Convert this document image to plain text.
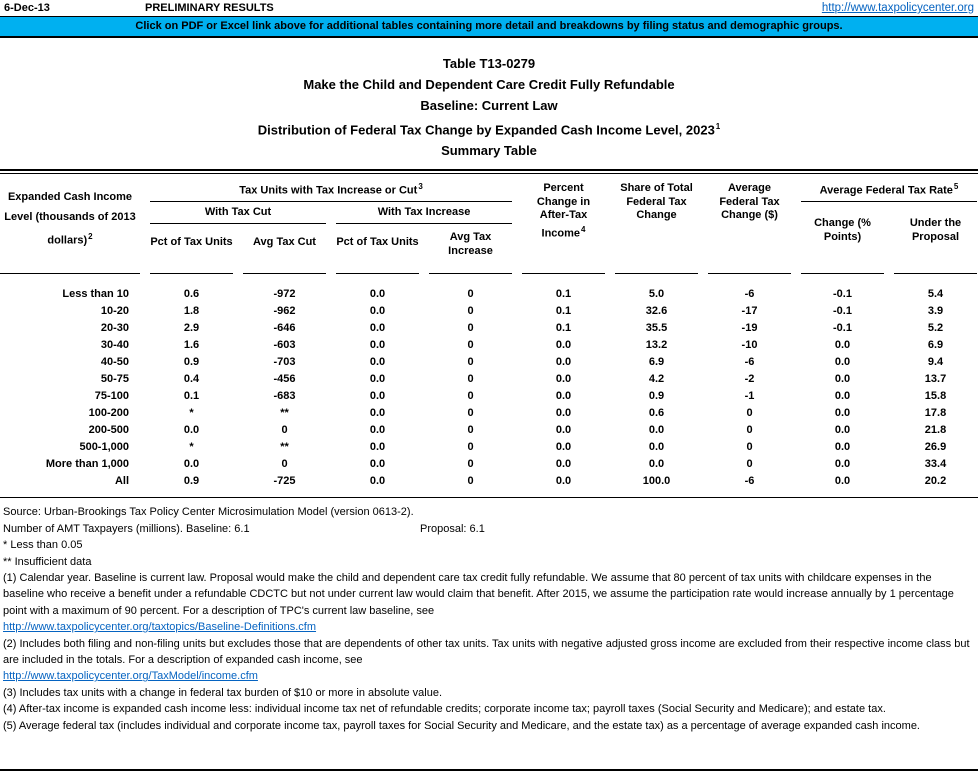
6-Dec-13	PRELIMINARY RESULTS	http://www.taxpolicycenter.org
Click on PDF or Excel link above for additional tables containing more detail and breakdowns by filing status and demographic groups.
Table T13-0279
Make the Child and Dependent Care Credit Fully Refundable
Baseline: Current Law
Distribution of Federal Tax Change by Expanded Cash Income Level, 2023$^1$
Summary Table
Expanded Cash Income Level (thousands of 2013 dollars)$^2$
Tax Units with Tax Increase or Cut$^3$
With Tax Cut
Pct of Tax Units	Avg Tax Cut
With Tax Increase
Pct of Tax Units	Avg Tax Increase
Percent Change in After-Tax Income$^4$
Share of Total Federal Tax Change
Average Federal Tax Change ($)
Average Federal Tax Rate$^5$
Change (% Points)
Under the Proposal
Less than 10	0.6	-972	0.0	0	0.1	5.0	-6	-0.1	5.4
10-20	1.8	-962	0.0	0	0.1	32.6	-17	-0.1	3.9
20-30	2.9	-646	0.0	0	0.1	35.5	-19	-0.1	5.2
30-40	1.6	-603	0.0	0	0.0	13.2	-10	0.0	6.9
40-50	0.9	-703	0.0	0	0.0	6.9	-6	0.0	9.4
50-75	0.4	-456	0.0	0	0.0	4.2	-2	0.0	13.7
75-100	0.1	-683	0.0	0	0.0	0.9	-1	0.0	15.8
100-200	*	**	0.0	0	0.0	0.6	0	0.0	17.8
200-500	0.0	0	0.0	0	0.0	0.0	0	0.0	21.8
500-1,000	*	**	0.0	0	0.0	0.0	0	0.0	26.9
More than 1,000	0.0	0	0.0	0	0.0	0.0	0	0.0	33.4
All	0.9	-725	0.0	0	0.0	100.0	-6	0.0	20.2
Source: Urban-Brookings Tax Policy Center Microsimulation Model (version 0613-2).
Number of AMT Taxpayers (millions). Baseline: 6.1	Proposal: 6.1
* Less than 0.05
** Insufficient data
(1) Calendar year. Baseline is current law. Proposal would make the child and dependent care tax credit fully refundable. We assume that 80 percent of tax units with childcare expenses in the baseline who receive a benefit under a refundable CDCTC but not under current law would claim that benefit. After 2015, we assume the participation rate would increase annually by 1 percentage point with a maximum of 90 percent. For a description of TPC's current law baseline, see
http://www.taxpolicycenter.org/taxtopics/Baseline-Definitions.cfm
(2) Includes both filing and non-filing units but excludes those that are dependents of other tax units. Tax units with negative adjusted gross income are excluded from their respective income class but are included in the totals. For a description of expanded cash income, see
http://www.taxpolicycenter.org/TaxModel/income.cfm
(3) Includes tax units with a change in federal tax burden of $10 or more in absolute value.
(4) After-tax income is expanded cash income less: individual income tax net of refundable credits; corporate income tax; payroll taxes (Social Security and Medicare); and estate tax.
(5) Average federal tax (includes individual and corporate income tax, payroll taxes for Social Security and Medicare, and the estate tax) as a percentage of average expanded cash income.
